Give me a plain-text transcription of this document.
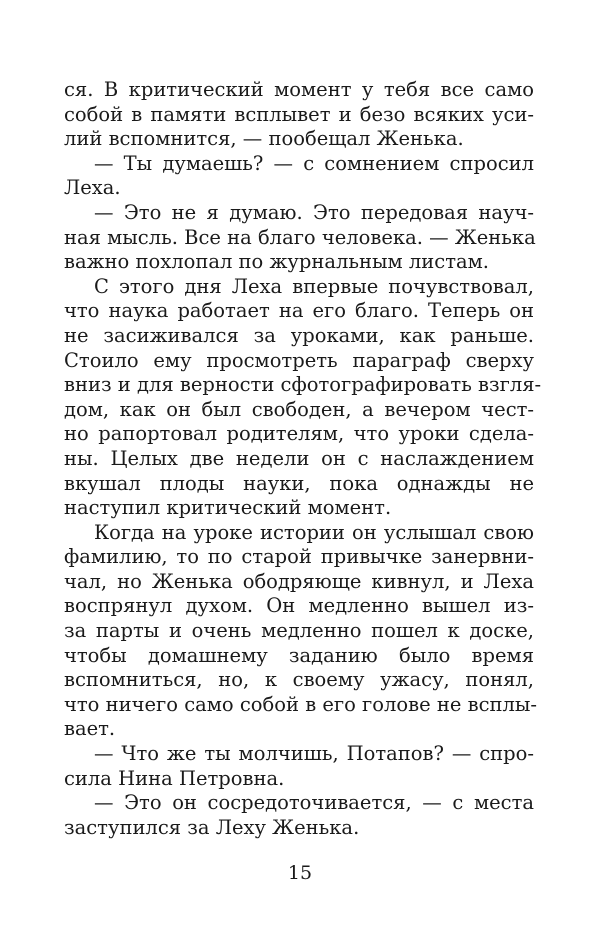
ся. В критический момент у тебя все само
собой в памяти всплывет и безо всяких уси-
лий вспомнится, — пообещал Женька.
— Ты думаешь? — с сомнением спросил
Леха.
— Это не я думаю. Это передовая науч-
ная мысль. Все на благо человека. — Женька
важно похлопал по журнальным листам.
С этого дня Леха впервые почувствовал,
что наука работает на его благо. Теперь он
не засиживался за уроками, как раньше.
Стоило ему просмотреть параграф сверху
вниз и для верности сфотографировать взгля-
дом, как он был свободен, а вечером чест-
но рапортовал родителям, что уроки сдела-
ны. Целых две недели он с наслаждением
вкушал плоды науки, пока однажды не
наступил критический момент.
Когда на уроке истории он услышал свою
фамилию, то по старой привычке занервни-
чал, но Женька ободряюще кивнул, и Леха
воспрянул духом. Он медленно вышел из-
за парты и очень медленно пошел к доске,
чтобы домашнему заданию было время
вспомниться, но, к своему ужасу, понял,
что ничего само собой в его голове не всплы-
вает.
— Что же ты молчишь, Потапов? — спро-
сила Нина Петровна.
— Это он сосредоточивается, — с места
заступился за Леху Женька.
15
